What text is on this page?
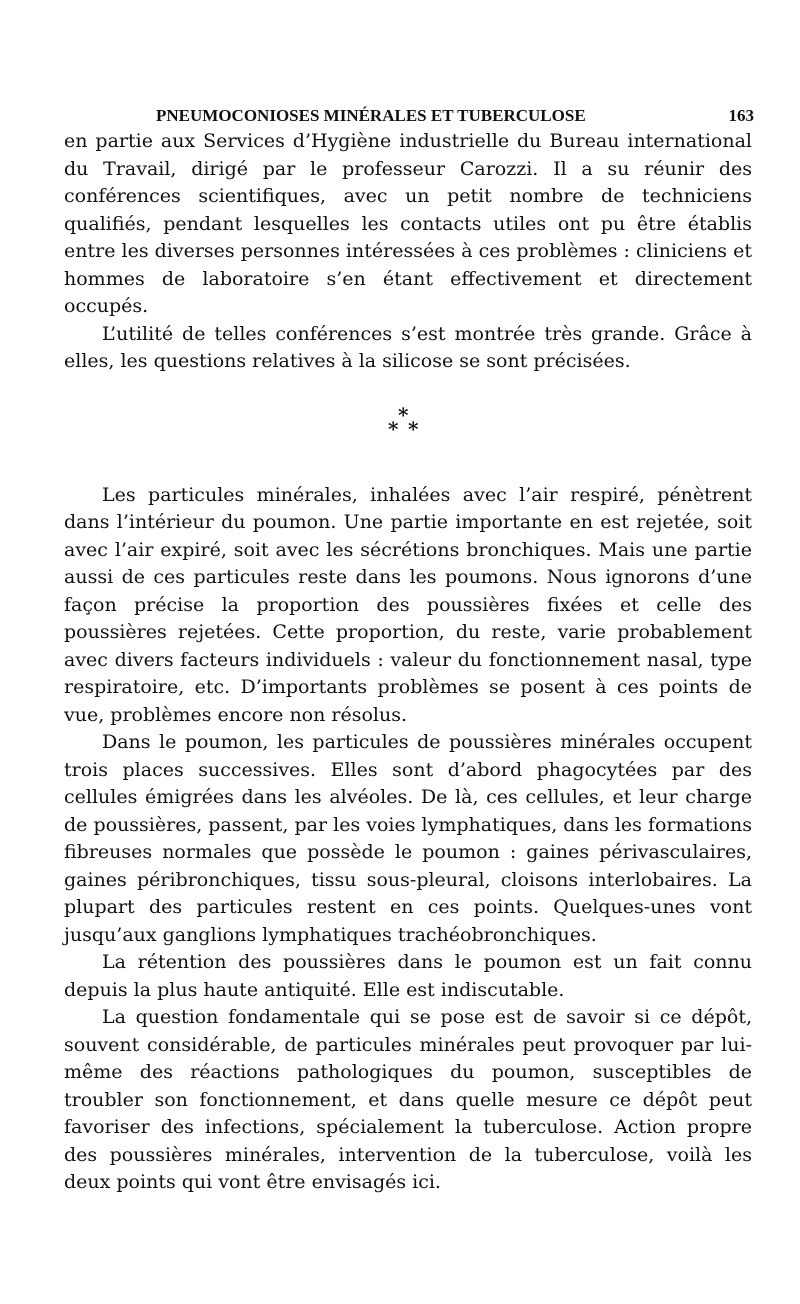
PNEUMOCONIOSES MINÉRALES ET TUBERCULOSE	163

en partie aux Services d’Hygiène industrielle du Bureau international du Travail, dirigé par le professeur Carozzi. Il a su réunir des conférences scientifiques, avec un petit nombre de techniciens qualifiés, pendant lesquelles les contacts utiles ont pu être établis entre les diverses personnes intéressées à ces problèmes : cliniciens et hommes de laboratoire s’en étant effectivement et directement occupés.

L’utilité de telles conférences s’est montrée très grande. Grâce à elles, les questions relatives à la silicose se sont précisées.

*
* *

Les particules minérales, inhalées avec l’air respiré, pénètrent dans l’intérieur du poumon. Une partie importante en est rejetée, soit avec l’air expiré, soit avec les sécrétions bronchiques. Mais une partie aussi de ces particules reste dans les poumons. Nous ignorons d’une façon précise la proportion des poussières fixées et celle des poussières rejetées. Cette proportion, du reste, varie probablement avec divers facteurs individuels : valeur du fonctionnement nasal, type respiratoire, etc. D’importants problèmes se posent à ces points de vue, problèmes encore non résolus.

Dans le poumon, les particules de poussières minérales occupent trois places successives. Elles sont d’abord phagocytées par des cellules émigrées dans les alvéoles. De là, ces cellules, et leur charge de poussières, passent, par les voies lymphatiques, dans les formations fibreuses normales que possède le poumon : gaines périvasculaires, gaines péribronchiques, tissu sous-pleural, cloisons interlobaires. La plupart des particules restent en ces points. Quelques-unes vont jusqu’aux ganglions lymphatiques trachéobronchiques.

La rétention des poussières dans le poumon est un fait connu depuis la plus haute antiquité. Elle est indiscutable.

La question fondamentale qui se pose est de savoir si ce dépôt, souvent considérable, de particules minérales peut provoquer par lui-même des réactions pathologiques du poumon, susceptibles de troubler son fonctionnement, et dans quelle mesure ce dépôt peut favoriser des infections, spécialement la tuberculose. Action propre des poussières minérales, intervention de la tuberculose, voilà les deux points qui vont être envisagés ici.
